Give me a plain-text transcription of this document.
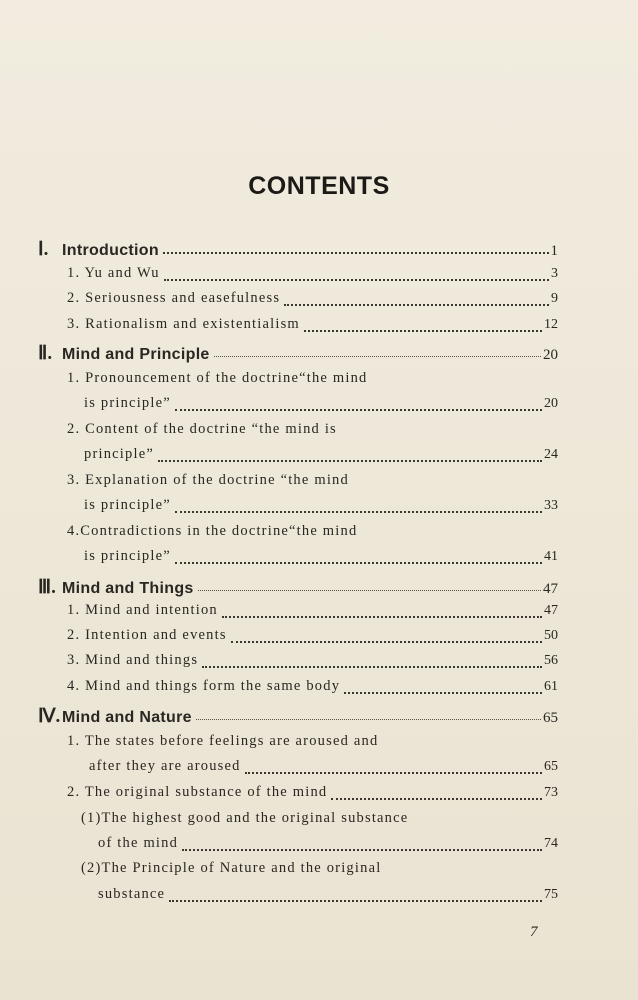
CONTENTS
Ⅰ. Introduction	1
1. Yu and Wu	3
2. Seriousness and easefulness	9
3. Rationalism and existentialism	12
Ⅱ. Mind and Principle	20
1. Pronouncement of the doctrine“the mind
is principle”	20
2. Content of the doctrine “the mind is
principle”	24
3. Explanation of the doctrine “the mind
is principle”	33
4.Contradictions in the doctrine“the mind
is principle”	41
Ⅲ. Mind and Things	47
1. Mind and intention	47
2. Intention and events	50
3. Mind and things	56
4. Mind and things form the same body	61
Ⅳ. Mind and Nature	65
1. The states before feelings are aroused and
after they are aroused	65
2. The original substance of the mind	73
(1)The highest good and the original substance
of the mind	74
(2)The Principle of Nature and the original
substance	75
7
